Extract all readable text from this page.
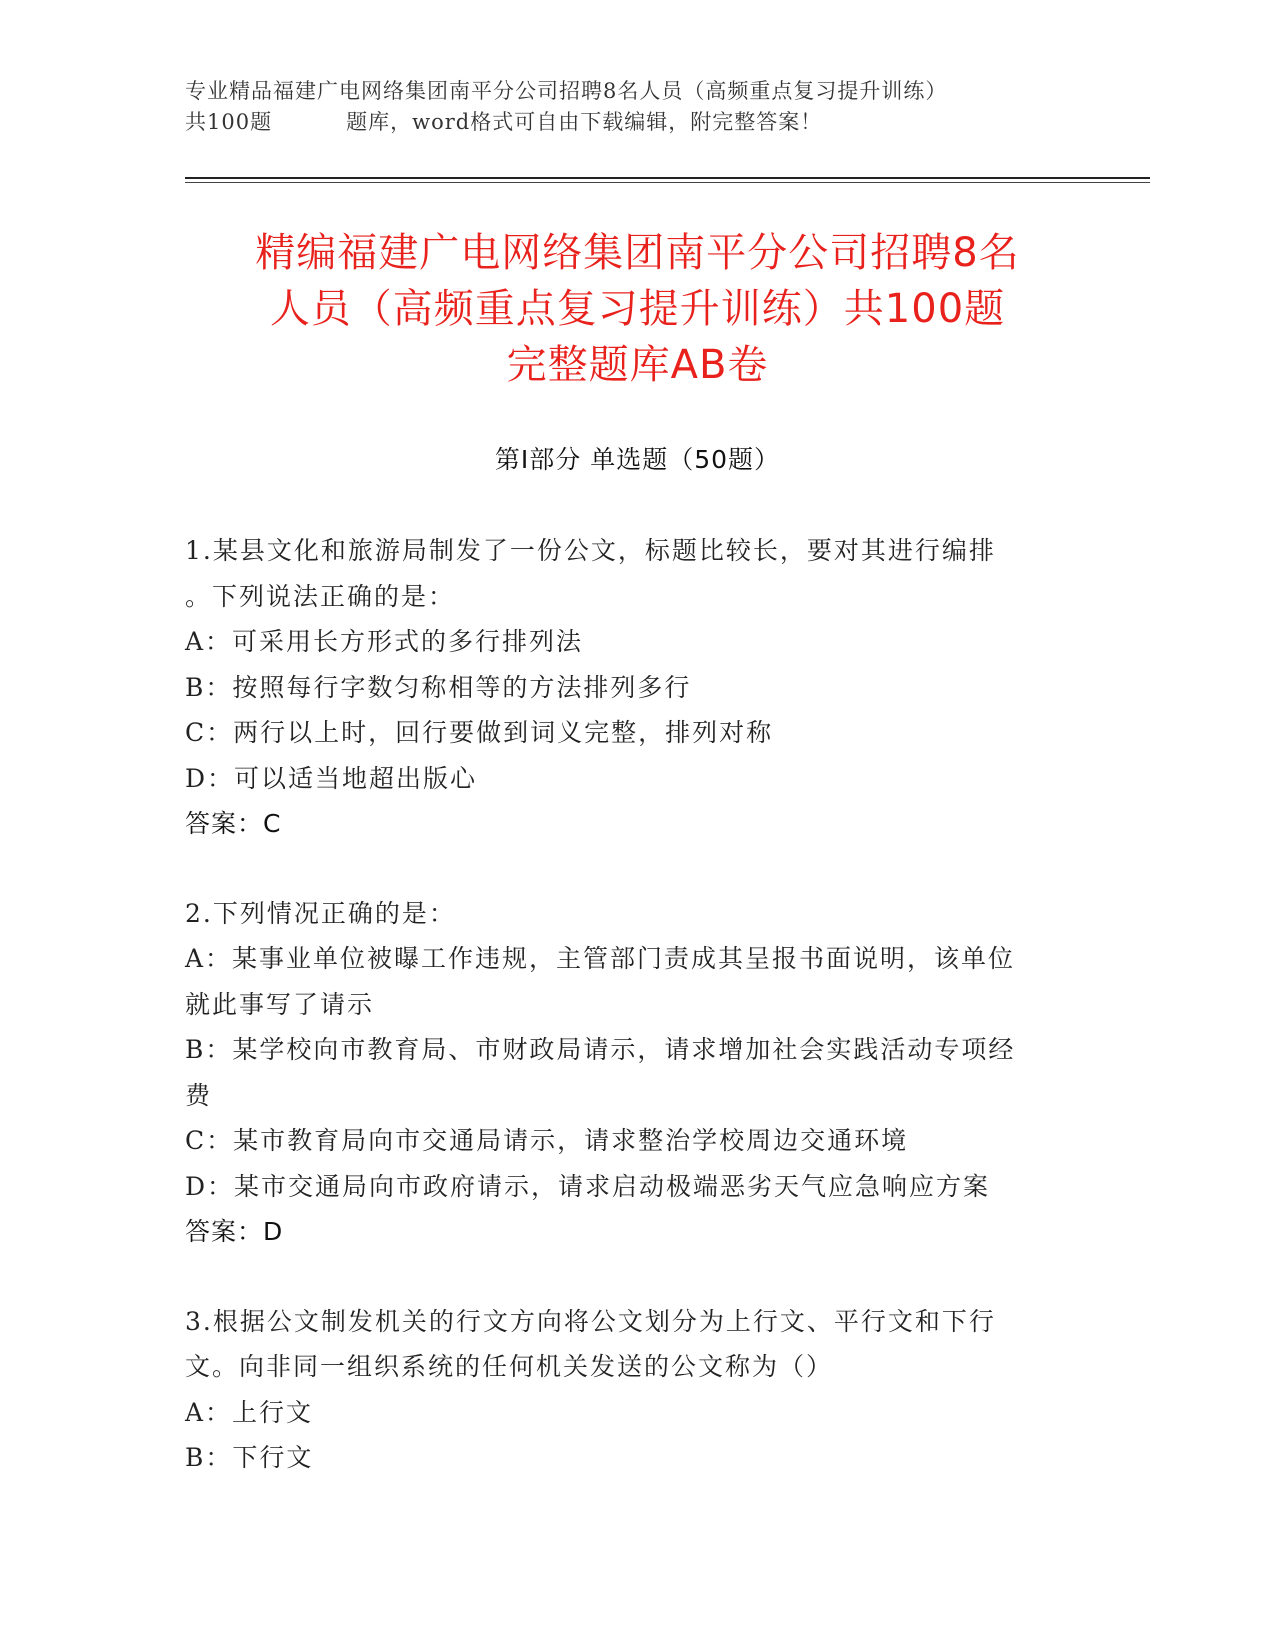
专业精品福建广电网络集团南平分公司招聘8名人员（高频重点复习提升训练）
共100题	题库，word格式可自由下载编辑，附完整答案！
精编福建广电网络集团南平分公司招聘8名
人员（高频重点复习提升训练）共100题
完整题库AB卷
第I部分 单选题（50题）
1.某县文化和旅游局制发了一份公文，标题比较长，要对其进行编排
。下列说法正确的是：
A：可采用长方形式的多行排列法
B：按照每行字数匀称相等的方法排列多行
C：两行以上时，回行要做到词义完整，排列对称
D：可以适当地超出版心
答案：C
2.下列情况正确的是：
A：某事业单位被曝工作违规，主管部门责成其呈报书面说明，该单位
就此事写了请示
B：某学校向市教育局、市财政局请示，请求增加社会实践活动专项经
费
C：某市教育局向市交通局请示，请求整治学校周边交通环境
D：某市交通局向市政府请示，请求启动极端恶劣天气应急响应方案
答案：D
3.根据公文制发机关的行文方向将公文划分为上行文、平行文和下行
文。向非同一组织系统的任何机关发送的公文称为（）
A：上行文
B：下行文
